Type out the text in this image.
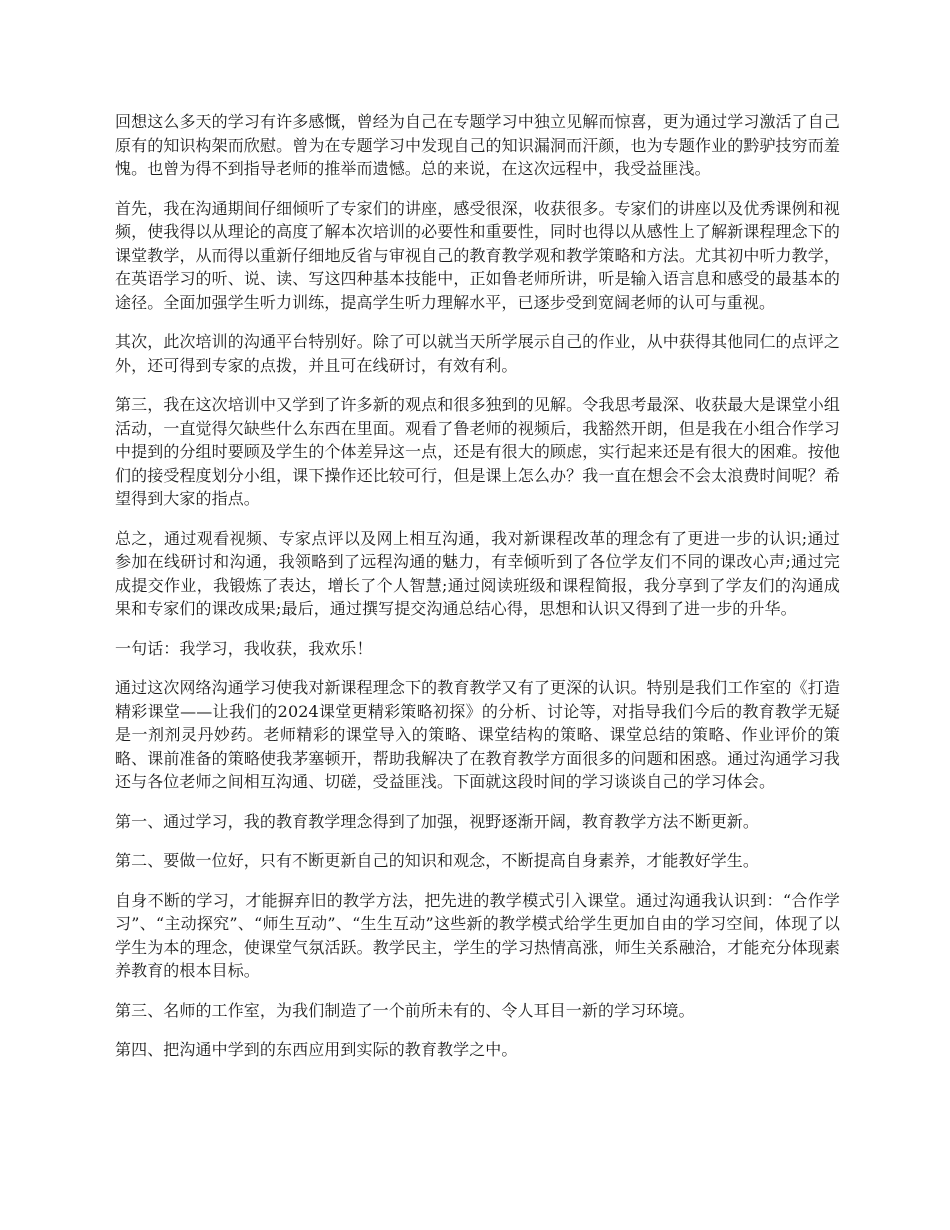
回想这么多天的学习有许多感慨，曾经为自己在专题学习中独立见解而惊喜，更为通过学习激活了自己原有的知识构架而欣慰。曾为在专题学习中发现自己的知识漏洞而汗颜，也为专题作业的黔驴技穷而羞愧。也曾为得不到指导老师的推举而遗憾。总的来说，在这次远程中，我受益匪浅。

首先，我在沟通期间仔细倾听了专家们的讲座，感受很深，收获很多。专家们的讲座以及优秀课例和视频，使我得以从理论的高度了解本次培训的必要性和重要性，同时也得以从感性上了解新课程理念下的课堂教学，从而得以重新仔细地反省与审视自己的教育教学观和教学策略和方法。尤其初中听力教学，在英语学习的听、说、读、写这四种基本技能中，正如鲁老师所讲，听是输入语言息和感受的最基本的途径。全面加强学生听力训练，提高学生听力理解水平，已逐步受到宽阔老师的认可与重视。

其次，此次培训的沟通平台特别好。除了可以就当天所学展示自己的作业，从中获得其他同仁的点评之外，还可得到专家的点拨，并且可在线研讨，有效有利。

第三，我在这次培训中又学到了许多新的观点和很多独到的见解。令我思考最深、收获最大是课堂小组活动，一直觉得欠缺些什么东西在里面。观看了鲁老师的视频后，我豁然开朗，但是我在小组合作学习中提到的分组时要顾及学生的个体差异这一点，还是有很大的顾虑，实行起来还是有很大的困难。按他们的接受程度划分小组，课下操作还比较可行，但是课上怎么办？我一直在想会不会太浪费时间呢？希望得到大家的指点。

总之，通过观看视频、专家点评以及网上相互沟通，我对新课程改革的理念有了更进一步的认识;通过参加在线研讨和沟通，我领略到了远程沟通的魅力，有幸倾听到了各位学友们不同的课改心声;通过完成提交作业，我锻炼了表达，增长了个人智慧;通过阅读班级和课程简报，我分享到了学友们的沟通成果和专家们的课改成果;最后，通过撰写提交沟通总结心得，思想和认识又得到了进一步的升华。

一句话：我学习，我收获，我欢乐！

通过这次网络沟通学习使我对新课程理念下的教育教学又有了更深的认识。特别是我们工作室的《打造精彩课堂——让我们的2024课堂更精彩策略初探》的分析、讨论等，对指导我们今后的教育教学无疑是一剂剂灵丹妙药。老师精彩的课堂导入的策略、课堂结构的策略、课堂总结的策略、作业评价的策略、课前准备的策略使我茅塞顿开，帮助我解决了在教育教学方面很多的问题和困惑。通过沟通学习我还与各位老师之间相互沟通、切磋，受益匪浅。下面就这段时间的学习谈谈自己的学习体会。

第一、通过学习，我的教育教学理念得到了加强，视野逐渐开阔，教育教学方法不断更新。

第二、要做一位好，只有不断更新自己的知识和观念，不断提高自身素养，才能教好学生。

自身不断的学习，才能摒弃旧的教学方法，把先进的教学模式引入课堂。通过沟通我认识到：“合作学习”、“主动探究”、“师生互动”、“生生互动”这些新的教学模式给学生更加自由的学习空间，体现了以学生为本的理念，使课堂气氛活跃。教学民主，学生的学习热情高涨，师生关系融洽，才能充分体现素养教育的根本目标。

第三、名师的工作室，为我们制造了一个前所未有的、令人耳目一新的学习环境。

第四、把沟通中学到的东西应用到实际的教育教学之中。
